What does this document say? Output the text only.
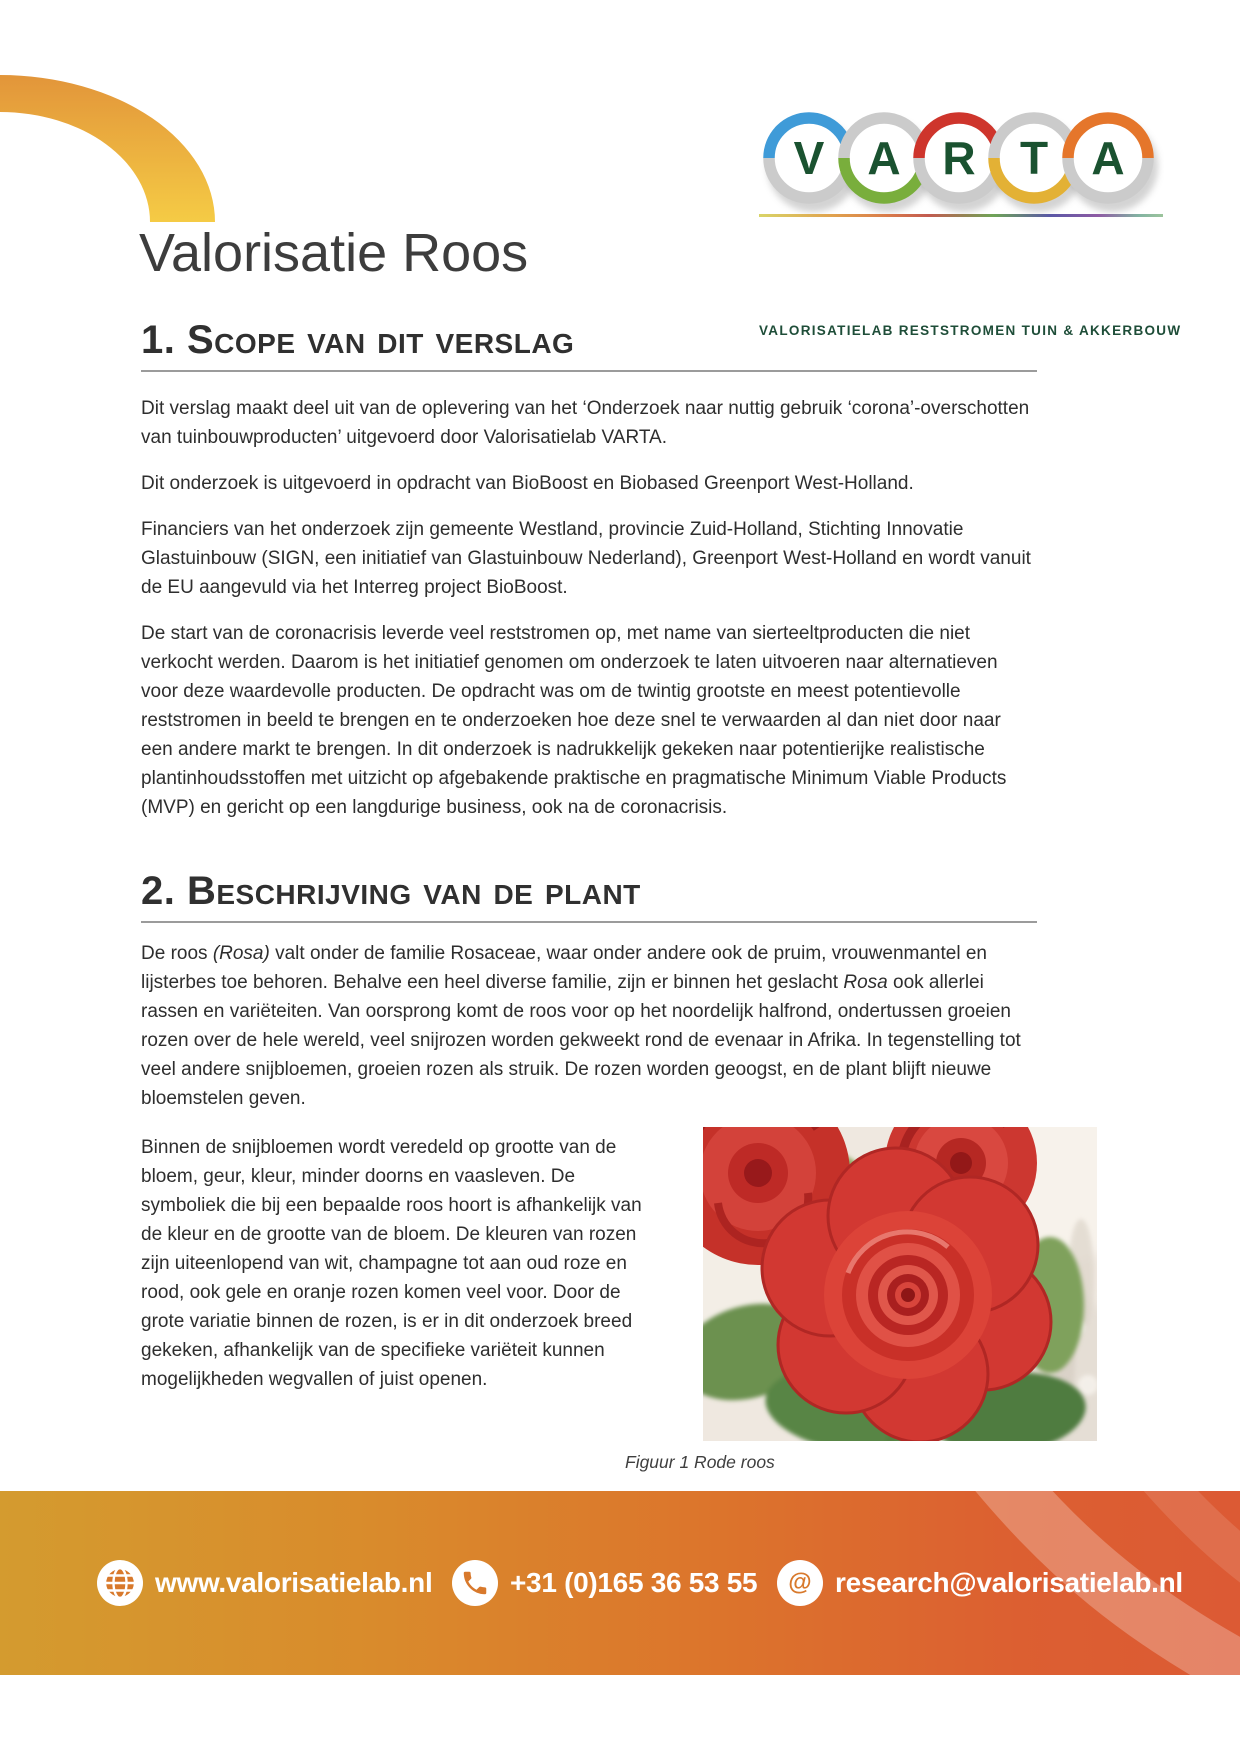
V A R T A
VALORISATIELAB RESTSTROMEN TUIN & AKKERBOUW
Valorisatie Roos
1. Scope van dit verslag

Dit verslag maakt deel uit van de oplevering van het ‘Onderzoek naar nuttig gebruik ‘corona’-overschotten van tuinbouwproducten’ uitgevoerd door Valorisatielab VARTA.

Dit onderzoek is uitgevoerd in opdracht van BioBoost en Biobased Greenport West-Holland.

Financiers van het onderzoek zijn gemeente Westland, provincie Zuid-Holland, Stichting Innovatie Glastuinbouw (SIGN, een initiatief van Glastuinbouw Nederland), Greenport West-Holland en wordt vanuit de EU aangevuld via het Interreg project BioBoost.

De start van de coronacrisis leverde veel reststromen op, met name van sierteeltproducten die niet verkocht werden. Daarom is het initiatief genomen om onderzoek te laten uitvoeren naar alternatieven voor deze waardevolle producten. De opdracht was om de twintig grootste en meest potentievolle reststromen in beeld te brengen en te onderzoeken hoe deze snel te verwaarden al dan niet door naar een andere markt te brengen. In dit onderzoek is nadrukkelijk gekeken naar potentierijke realistische plantinhoudsstoffen met uitzicht op afgebakende praktische en pragmatische Minimum Viable Products (MVP) en gericht op een langdurige business, ook na de coronacrisis.

2. Beschrijving van de plant

De roos (Rosa) valt onder de familie Rosaceae, waar onder andere ook de pruim, vrouwenmantel en lijsterbes toe behoren. Behalve een heel diverse familie, zijn er binnen het geslacht Rosa ook allerlei rassen en variëteiten. Van oorsprong komt de roos voor op het noordelijk halfrond, ondertussen groeien rozen over de hele wereld, veel snijrozen worden gekweekt rond de evenaar in Afrika. In tegenstelling tot veel andere snijbloemen, groeien rozen als struik. De rozen worden geoogst, en de plant blijft nieuwe bloemstelen geven.

Binnen de snijbloemen wordt veredeld op grootte van de bloem, geur, kleur, minder doorns en vaasleven. De symboliek die bij een bepaalde roos hoort is afhankelijk van de kleur en de grootte van de bloem. De kleuren van rozen zijn uiteenlopend van wit, champagne tot aan oud roze en rood, ook gele en oranje rozen komen veel voor. Door de grote variatie binnen de rozen, is er in dit onderzoek breed gekeken, afhankelijk van de specifieke variëteit kunnen mogelijkheden wegvallen of juist openen.

Figuur 1 Rode roos
www.valorisatielab.nl	+31 (0)165 36 53 55 @ research@valorisatielab.nl
